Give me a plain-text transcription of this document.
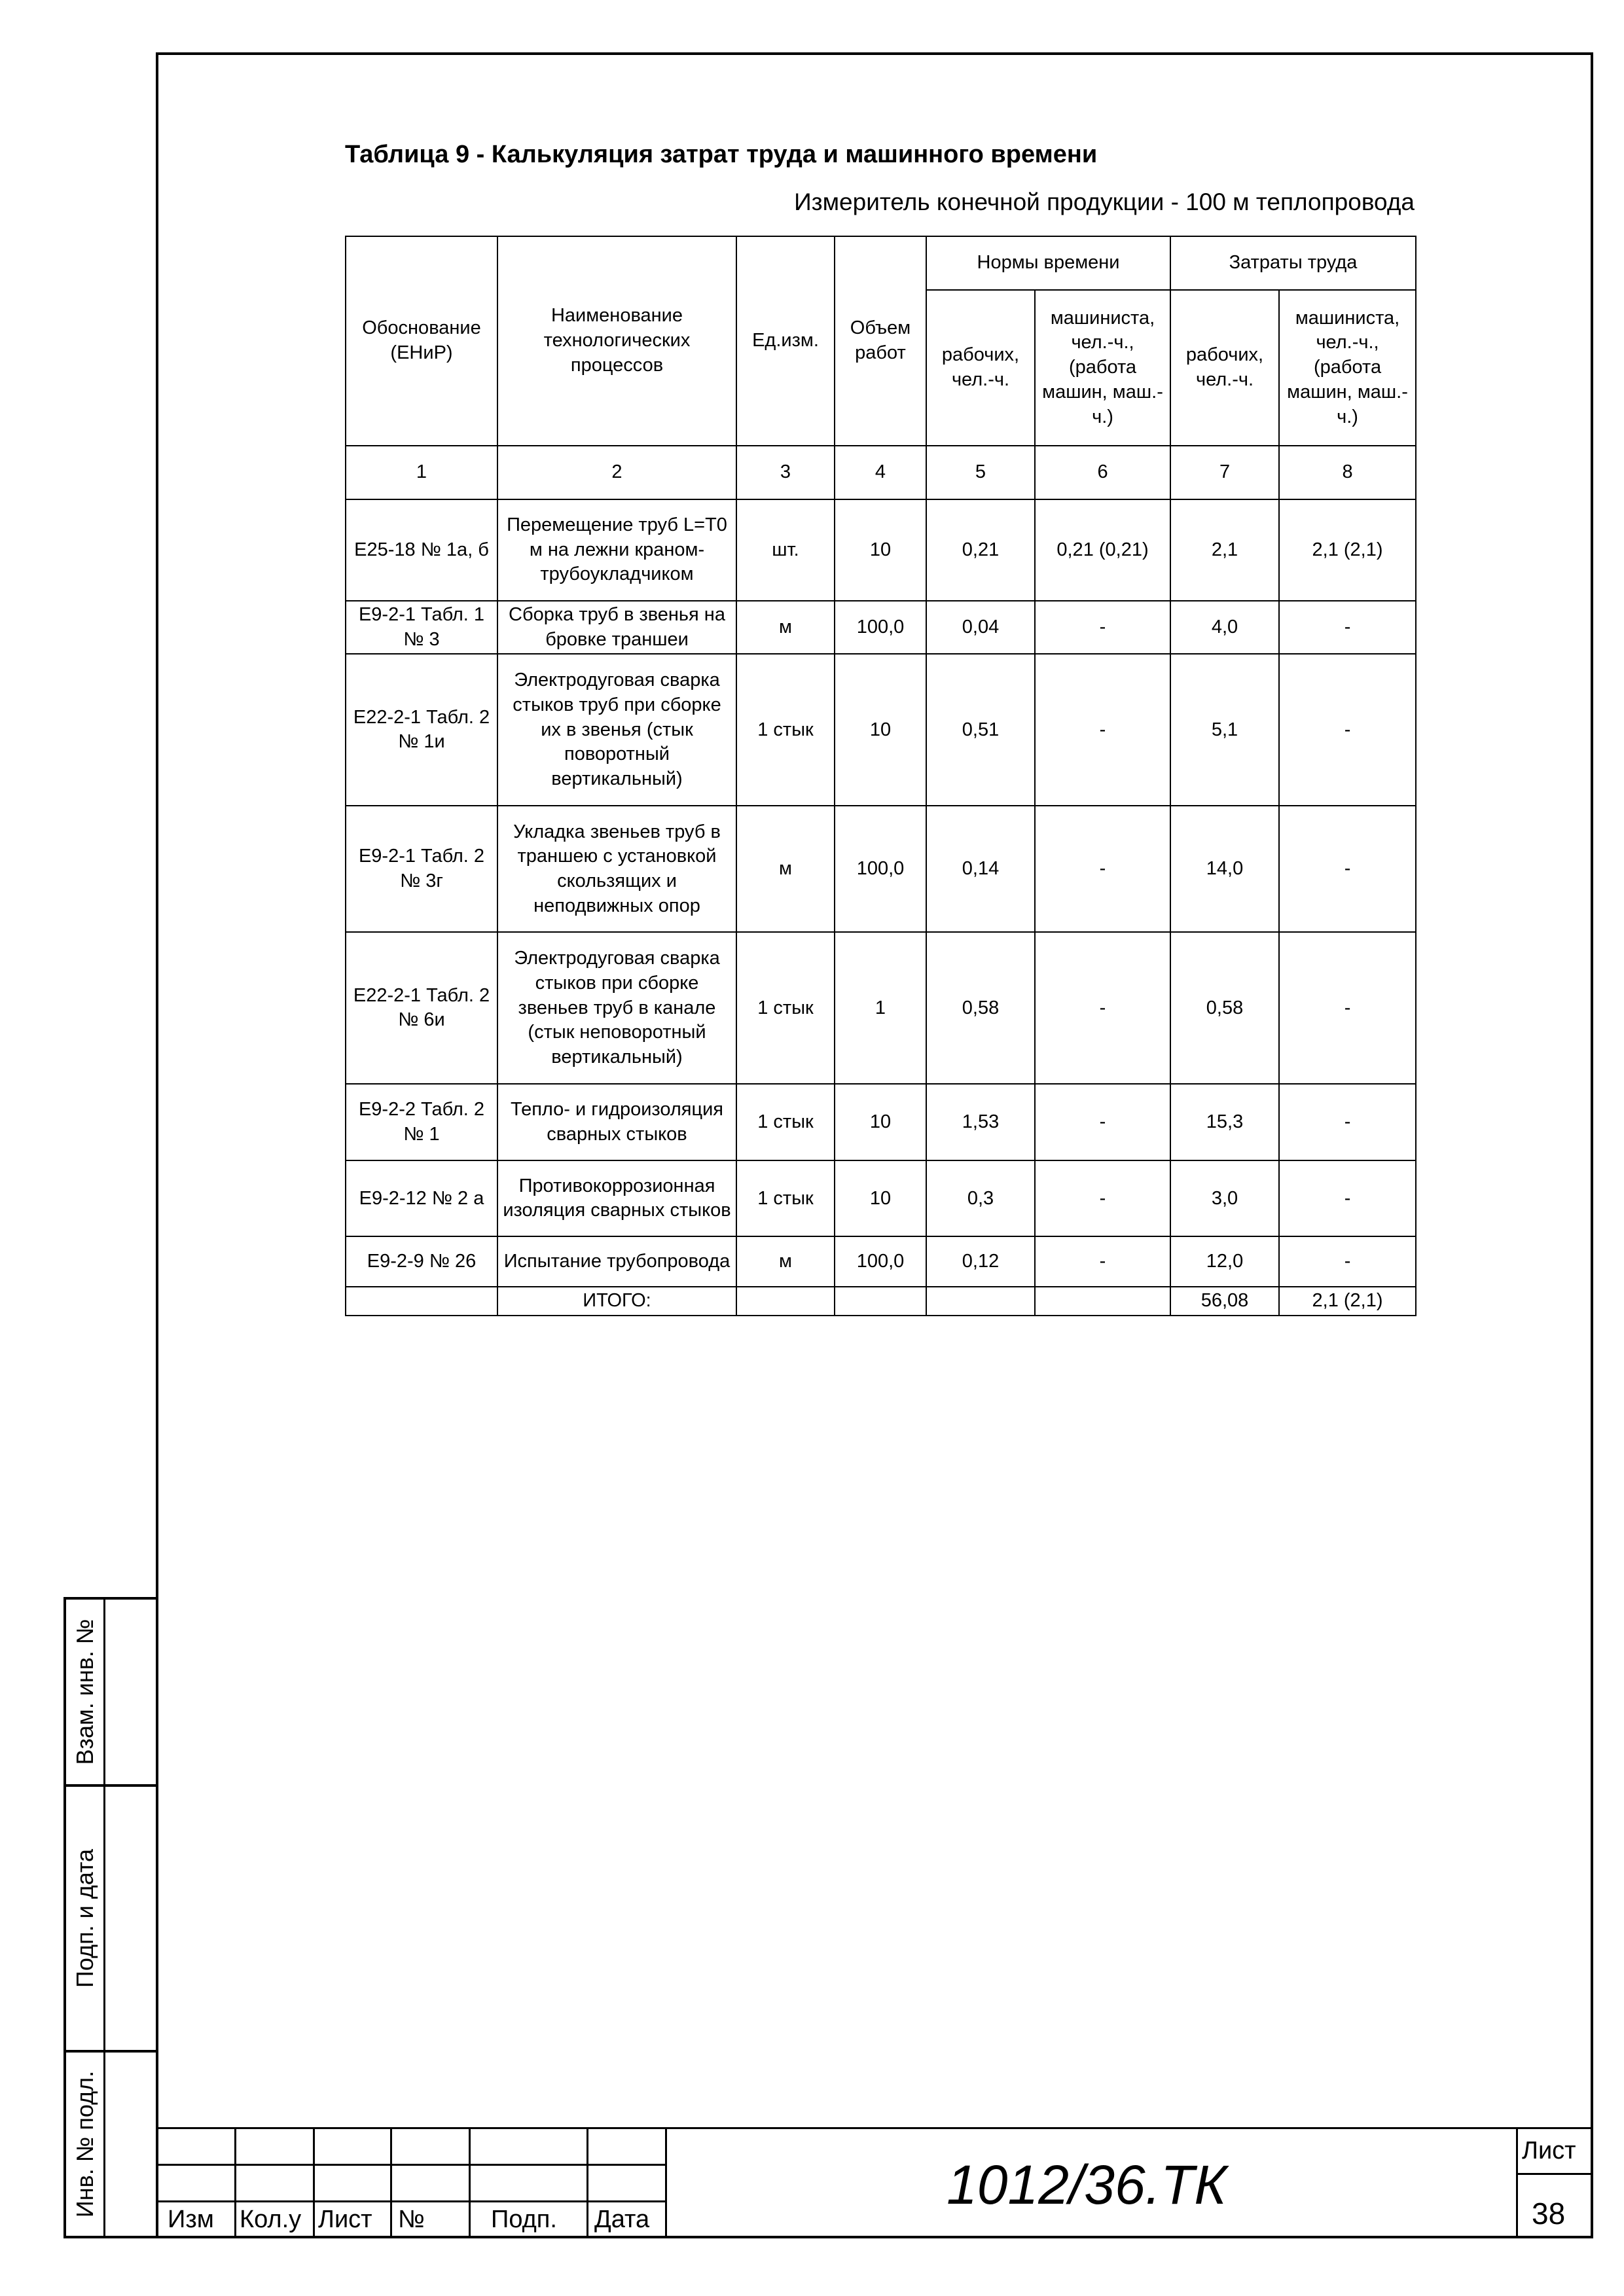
Таблица 9 - Калькуляция затрат труда и машинного времени
Измеритель конечной продукции - 100 м теплопровода
Обоснование (ЕНиР)	Наименование технологических процессов	Ед.изм.	Объем работ	Нормы времени		Затраты труда	
				рабочих, чел.-ч.	машиниста, чел.-ч., (работа машин, маш.-ч.)	рабочих, чел.-ч.	машиниста, чел.-ч., (работа машин, маш.-ч.)
1	2	3	4	5	6	7	8
Е25-18 № 1а, б	Перемещение труб L=Т0 м на лежни краном-трубоукладчиком	шт.	10	0,21	0,21 (0,21)	2,1	2,1 (2,1)
Е9-2-1 Табл. 1 № 3	Сборка труб в звенья на бровке траншеи	м	100,0	0,04	-	4,0	-
Е22-2-1 Табл. 2 № 1и	Электродуговая сварка стыков труб при сборке их в звенья (стык поворотный вертикальный)	1 стык	10	0,51	-	5,1	-
Е9-2-1 Табл. 2 № 3г	Укладка звеньев труб в траншею с установкой скользящих и неподвижных опор	м	100,0	0,14	-	14,0	-
Е22-2-1 Табл. 2 № 6и	Электродуговая сварка стыков при сборке звеньев труб в канале (стык неповоротный вертикальный)	1 стык	1	0,58	-	0,58	-
Е9-2-2 Табл. 2 № 1	Тепло- и гидроизоляция сварных стыков	1 стык	10	1,53	-	15,3	-
Е9-2-12 № 2 а	Противокоррозионная изоляция сварных стыков	1 стык	10	0,3	-	3,0	-
Е9-2-9 № 26	Испытание трубопровода	м	100,0	0,12	-	12,0	-
	ИТОГО:					56,08	2,1 (2,1)
Взам. инв. №
Подп. и дата
Инв. № подл.
Изм Кол.у Лист №	Подп. Дата
1012/36.ТК
Лист
38
